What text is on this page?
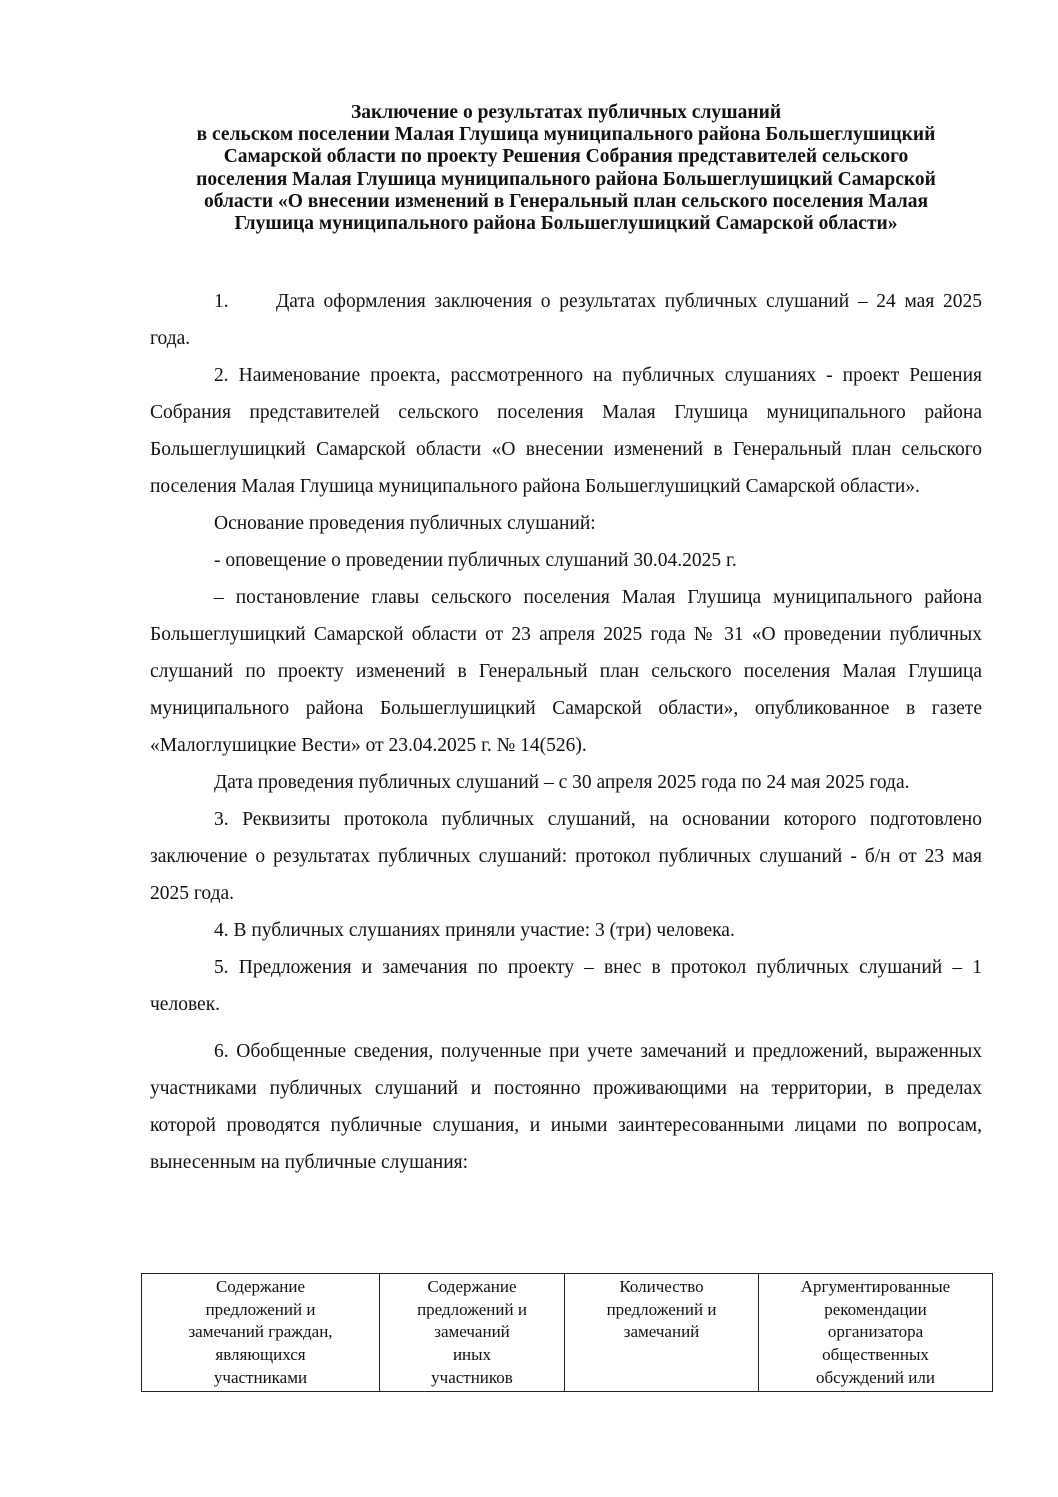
Заключение о результатах публичных слушаний
в сельском поселении Малая Глушица муниципального района Большеглушицкий
Самарской области по проекту Решения Собрания представителей сельского
поселения Малая Глушица муниципального района Большеглушицкий Самарской
области «О внесении изменений в Генеральный план сельского поселения Малая
Глушица муниципального района Большеглушицкий Самарской области»

1. Дата оформления заключения о результатах публичных слушаний – 24 мая 2025 года.

2. Наименование проекта, рассмотренного на публичных слушаниях - проект Решения Собрания представителей сельского поселения Малая Глушица муниципального района Большеглушицкий Самарской области «О внесении изменений в Генеральный план сельского поселения Малая Глушица муниципального района Большеглушицкий Самарской области».

Основание проведения публичных слушаний:

- оповещение о проведении публичных слушаний 30.04.2025 г.

– постановление главы сельского поселения Малая Глушица муниципального района Большеглушицкий Самарской области от 23 апреля 2025 года № 31 «О проведении публичных слушаний по проекту изменений в Генеральный план сельского поселения Малая Глушица муниципального района Большеглушицкий Самарской области», опубликованное в газете «Малоглушицкие Вести» от 23.04.2025 г. № 14(526).

Дата проведения публичных слушаний – с 30 апреля 2025 года по 24 мая 2025 года.

3. Реквизиты протокола публичных слушаний, на основании которого подготовлено заключение о результатах публичных слушаний: протокол публичных слушаний - б/н от 23 мая 2025 года.

4. В публичных слушаниях приняли участие: 3 (три) человека.

5. Предложения и замечания по проекту – внес в протокол публичных слушаний – 1 человек.

6. Обобщенные сведения, полученные при учете замечаний и предложений, выраженных участниками публичных слушаний и постоянно проживающими на территории, в пределах которой проводятся публичные слушания, и иными заинтересованными лицами по вопросам, вынесенным на публичные слушания:

Содержание
предложений и
замечаний граждан,
являющихся
участниками

Содержание
предложений и
замечаний
иных
участников

Количество
предложений и
замечаний

Аргументированные
рекомендации
организатора
общественных
обсуждений или
